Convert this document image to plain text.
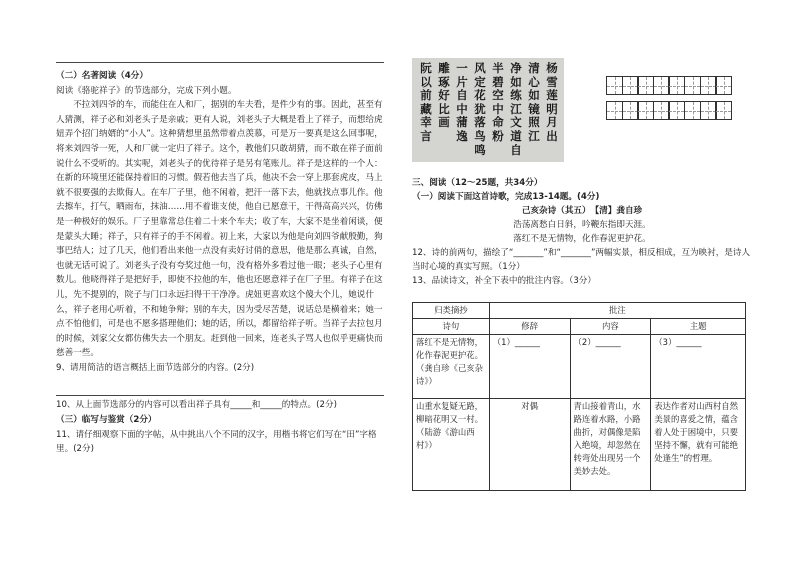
（二）名著阅读（4分）

阅读《骆驼祥子》的节选部分，完成下列小题。

不拉刘四爷的车，而能住在人和厂，据别的车夫看，是件少有的事。因此，甚至有人猜测，祥子必和刘老头子是亲戚；更有人说，刘老头子大概是看上了祥子，而想给虎妞弄个招门纳婿的“小人”。这种猜想里虽然带着点羡慕，可是万一要真是这么回事呢，将来刘四爷一死，人和厂就一定归了祥子。这个，教他们只敢胡猜，而不敢在祥子面前说什么不受听的。其实呢，刘老头子的优待祥子是另有笔账儿。祥子是这样的一个人：在新的环境里还能保持着旧的习惯。假若他去当了兵，他决不会一穿上那套虎皮，马上就不很要强的去欺侮人。在车厂子里，他不闲着，把汗一落下去，他就找点事儿作。他去擦车，打气，晒雨布，抹油……用不着谁支使，他自已愿意干，干得高高兴兴，仿佛是一种极好的娱乐。厂子里靠常总住着二十来个车夫；收了车，大家不是坐着闲谈，便是蒙头大睡；祥子，只有祥子的手不闲着。初上来，大家以为他是向刘四爷献殷勤，狗事巴结人；过了几天，他们看出来他一点没有卖好讨俏的意思，他是那么真诚，自然，也就无话可说了。刘老头子没有夸奖过他一句，没有格外多看过他一眼；老头子心里有数儿。他晓得祥子是把好手，即使不拉他的车，他也还愿意祥子在厂子里。有祥子在这儿，先不提别的，院子与门口永远扫得干干净净。虎妞更喜欢这个傻大个儿，她说什么，祥子老用心听着，不和她争辩；别的车夫，因为受尽苦楚，说话总是横着来；她一点不怕他们，可是也不愿多搭理他们；她的话，所以，都留给祥子听。当祥子去拉包月的时候，刘家父女都仿佛失去一个朋友。赶到他一回来，连老头子骂人也似乎更痛快而慈善一些。

9、请用简洁的语言概括上面节选部分的内容。(2分)

10、从上面节选部分的内容可以看出祥子具有_____和_____的特点。(2分)

（三）临写与鉴赏（2分）

11、请仔细观察下面的字帖，从中挑出八个不同的汉字，用楷书将它们写在“田”字格里。(2分)

杨雪莲明月出
清心如镜照江
净如练江文道自
半碧空中命粉
风定花犹落鸟鸣
一片自中蒲逸
雕琢好比画
阮以前藏幸言

三、阅读（12～25题，共34分）

（一）阅读下面这首诗歌，完成13-14题。(4分)

己亥杂诗（其五）　【清】龚自珍

浩荡离愁白日斜，吟鞭东指即天涯。

落红不是无情物，化作春泥更护花。

12、诗的前两句，描绘了“_______”和“_______”两幅实景，相反相成，互为映衬，是诗人当时心境的真实写照。（1分）

13、品读诗文，补全下表中的批注内容。（3分）

归类摘抄	批注		
诗句	修辞	内容	主题

落红不是无情物，化作春泥更护花。
（龚自珍《己亥杂诗》）	（1）______	（2）______	（3）______

山重水复疑无路，柳暗花明又一村。
（陆游《游山西村》）	对偶	青山接着青山，水路连着水路，小路曲折，对偶像是陷入绝境，却忽然在转弯处出现另一个美妙去处。	表达作者对山西村自然美景的喜爱之情，蕴含着人处于困境中，只要坚持不懈，就有可能绝处逢生”的哲理。
